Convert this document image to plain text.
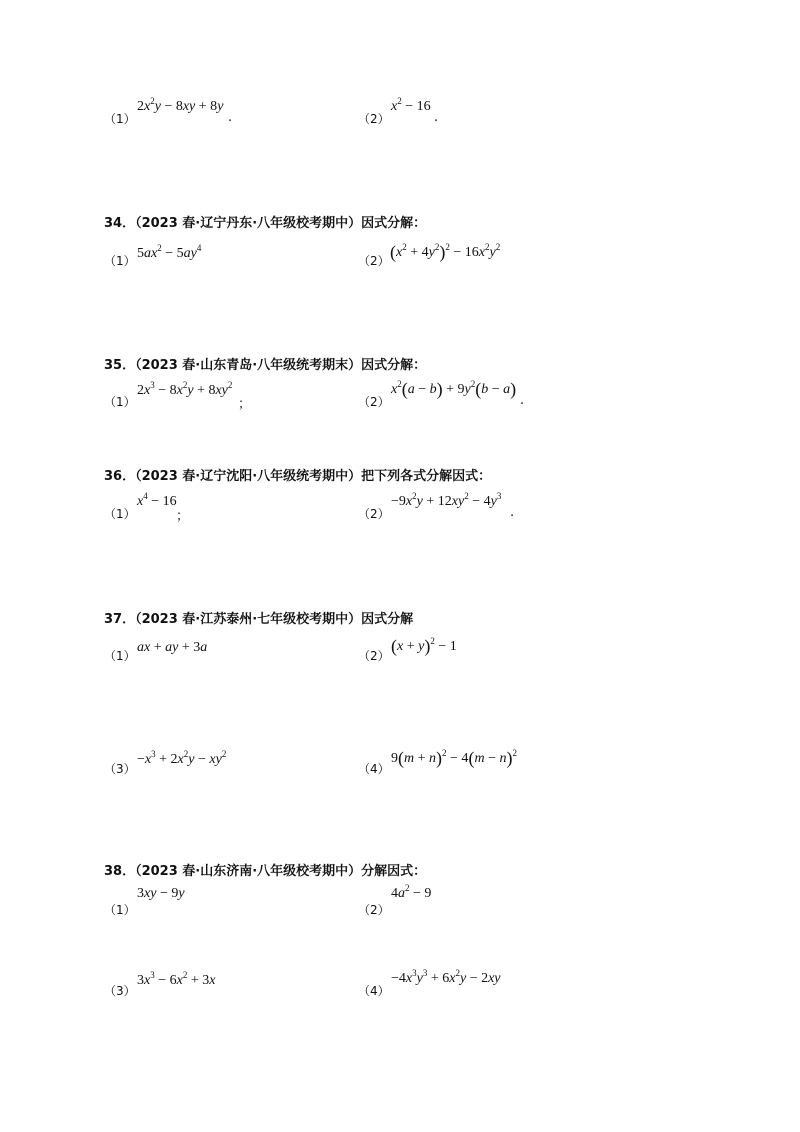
（1）
$2x^2y - 8xy + 8y$
.	（2）
$x^2 - 16$
.
34．（2023 春·辽宁丹东·八年级校考期中）因式分解：
（1） $5ax^2 - 5ay^4$
（2） $(x^2 + 4y^2)^2 - 16x^2y^2$
35．（2023 春·山东青岛·八年级统考期末）因式分解：
（1）
$2x^3 - 8x^2y + 8xy^2$
；	（2）
$x^2(a - b) + 9y^2(b - a)$
.
36．（2023 春·辽宁沈阳·八年级统考期中）把下列各式分解因式：
（1）
$x^4 - 16$
；	（2）
$-9x^2y + 12xy^2 - 4y^3$
.
37．（2023 春·江苏泰州·七年级校考期中）因式分解
（1）
ax + ay + 3a
（2） $(x + y)^2 - 1$
（3）
$-x^3 + 2x^2y - xy^2$
（4）
$9(m + n)^2 - 4(m - n)^2$
38．（2023 春·山东济南·八年级校考期中）分解因式：
（1）
3xy − 9y
（2）
$4a^2 - 9$
（3）
$3x^3 - 6x^2 + 3x$
（4）
$-4x^3y^3 + 6x^2y - 2xy$
